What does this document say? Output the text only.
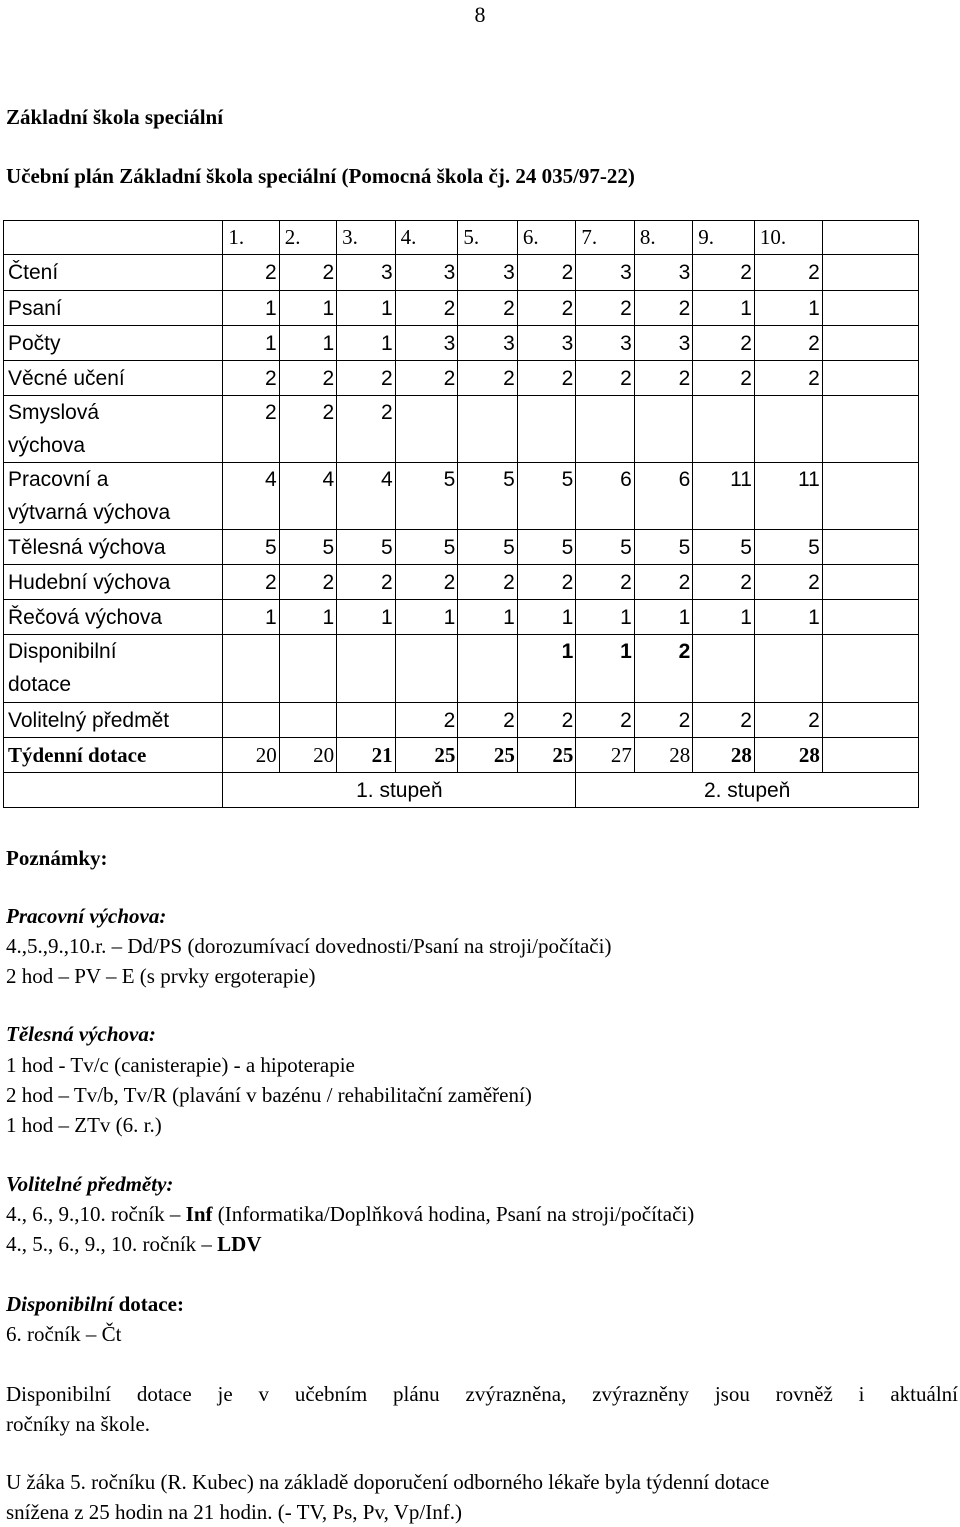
8
Základní škola speciální
Učební plán Základní škola speciální (Pomocná škola čj. 24 035/97-22)
	1.	2.	3.	4.	5.	6.	7.	8.	9.	10.	
Čtení	2	2	3	3	3	2	3	3	2	2	
Psaní	1	1	1	2	2	2	2	2	1	1	
Počty	1	1	1	3	3	3	3	3	2	2	
Věcné učení	2	2	2	2	2	2	2	2	2	2	

Smyslová
výchova	2	2	2								

Pracovní a
výtvarná výchova	4	4	4	5	5	5	6	6	11	11	
Tělesná výchova	5	5	5	5	5	5	5	5	5	5	
Hudební výchova	2	2	2	2	2	2	2	2	2	2	
Řečová výchova	1	1	1	1	1	1	1	1	1	1	

Disponibilní
dotace						1	1	2			
Volitelný předmět				2	2	2	2	2	2	2	
Týdenní dotace	20	20	21	25	25	25	27	28	28	28	
	1. stupeň						2. stupeň				
Poznámky:
Pracovní výchova:
4.,5.,9.,10.r. – Dd/PS (dorozumívací dovednosti/Psaní na stroji/počítači)
2 hod – PV – E (s prvky ergoterapie)
Tělesná výchova:
1 hod - Tv/c (canisterapie) - a hipoterapie
2 hod – Tv/b, Tv/R (plavání v bazénu / rehabilitační zaměření)
1 hod – ZTv (6. r.)
Volitelné předměty:
4., 6., 9.,10. ročník – Inf (Informatika/Doplňková hodina, Psaní na stroji/počítači)
4., 5., 6., 9., 10. ročník – LDV
Disponibilní dotace:
6. ročník – Čt
Disponibilní dotace je v učebním plánu zvýrazněna, zvýrazněny jsou rovněž i aktuální
ročníky na škole.
U žáka 5. ročníku (R. Kubec) na základě doporučení odborného lékaře byla týdenní dotace
snížena z 25 hodin na 21 hodin. (- TV, Ps, Pv, Vp/Inf.)
